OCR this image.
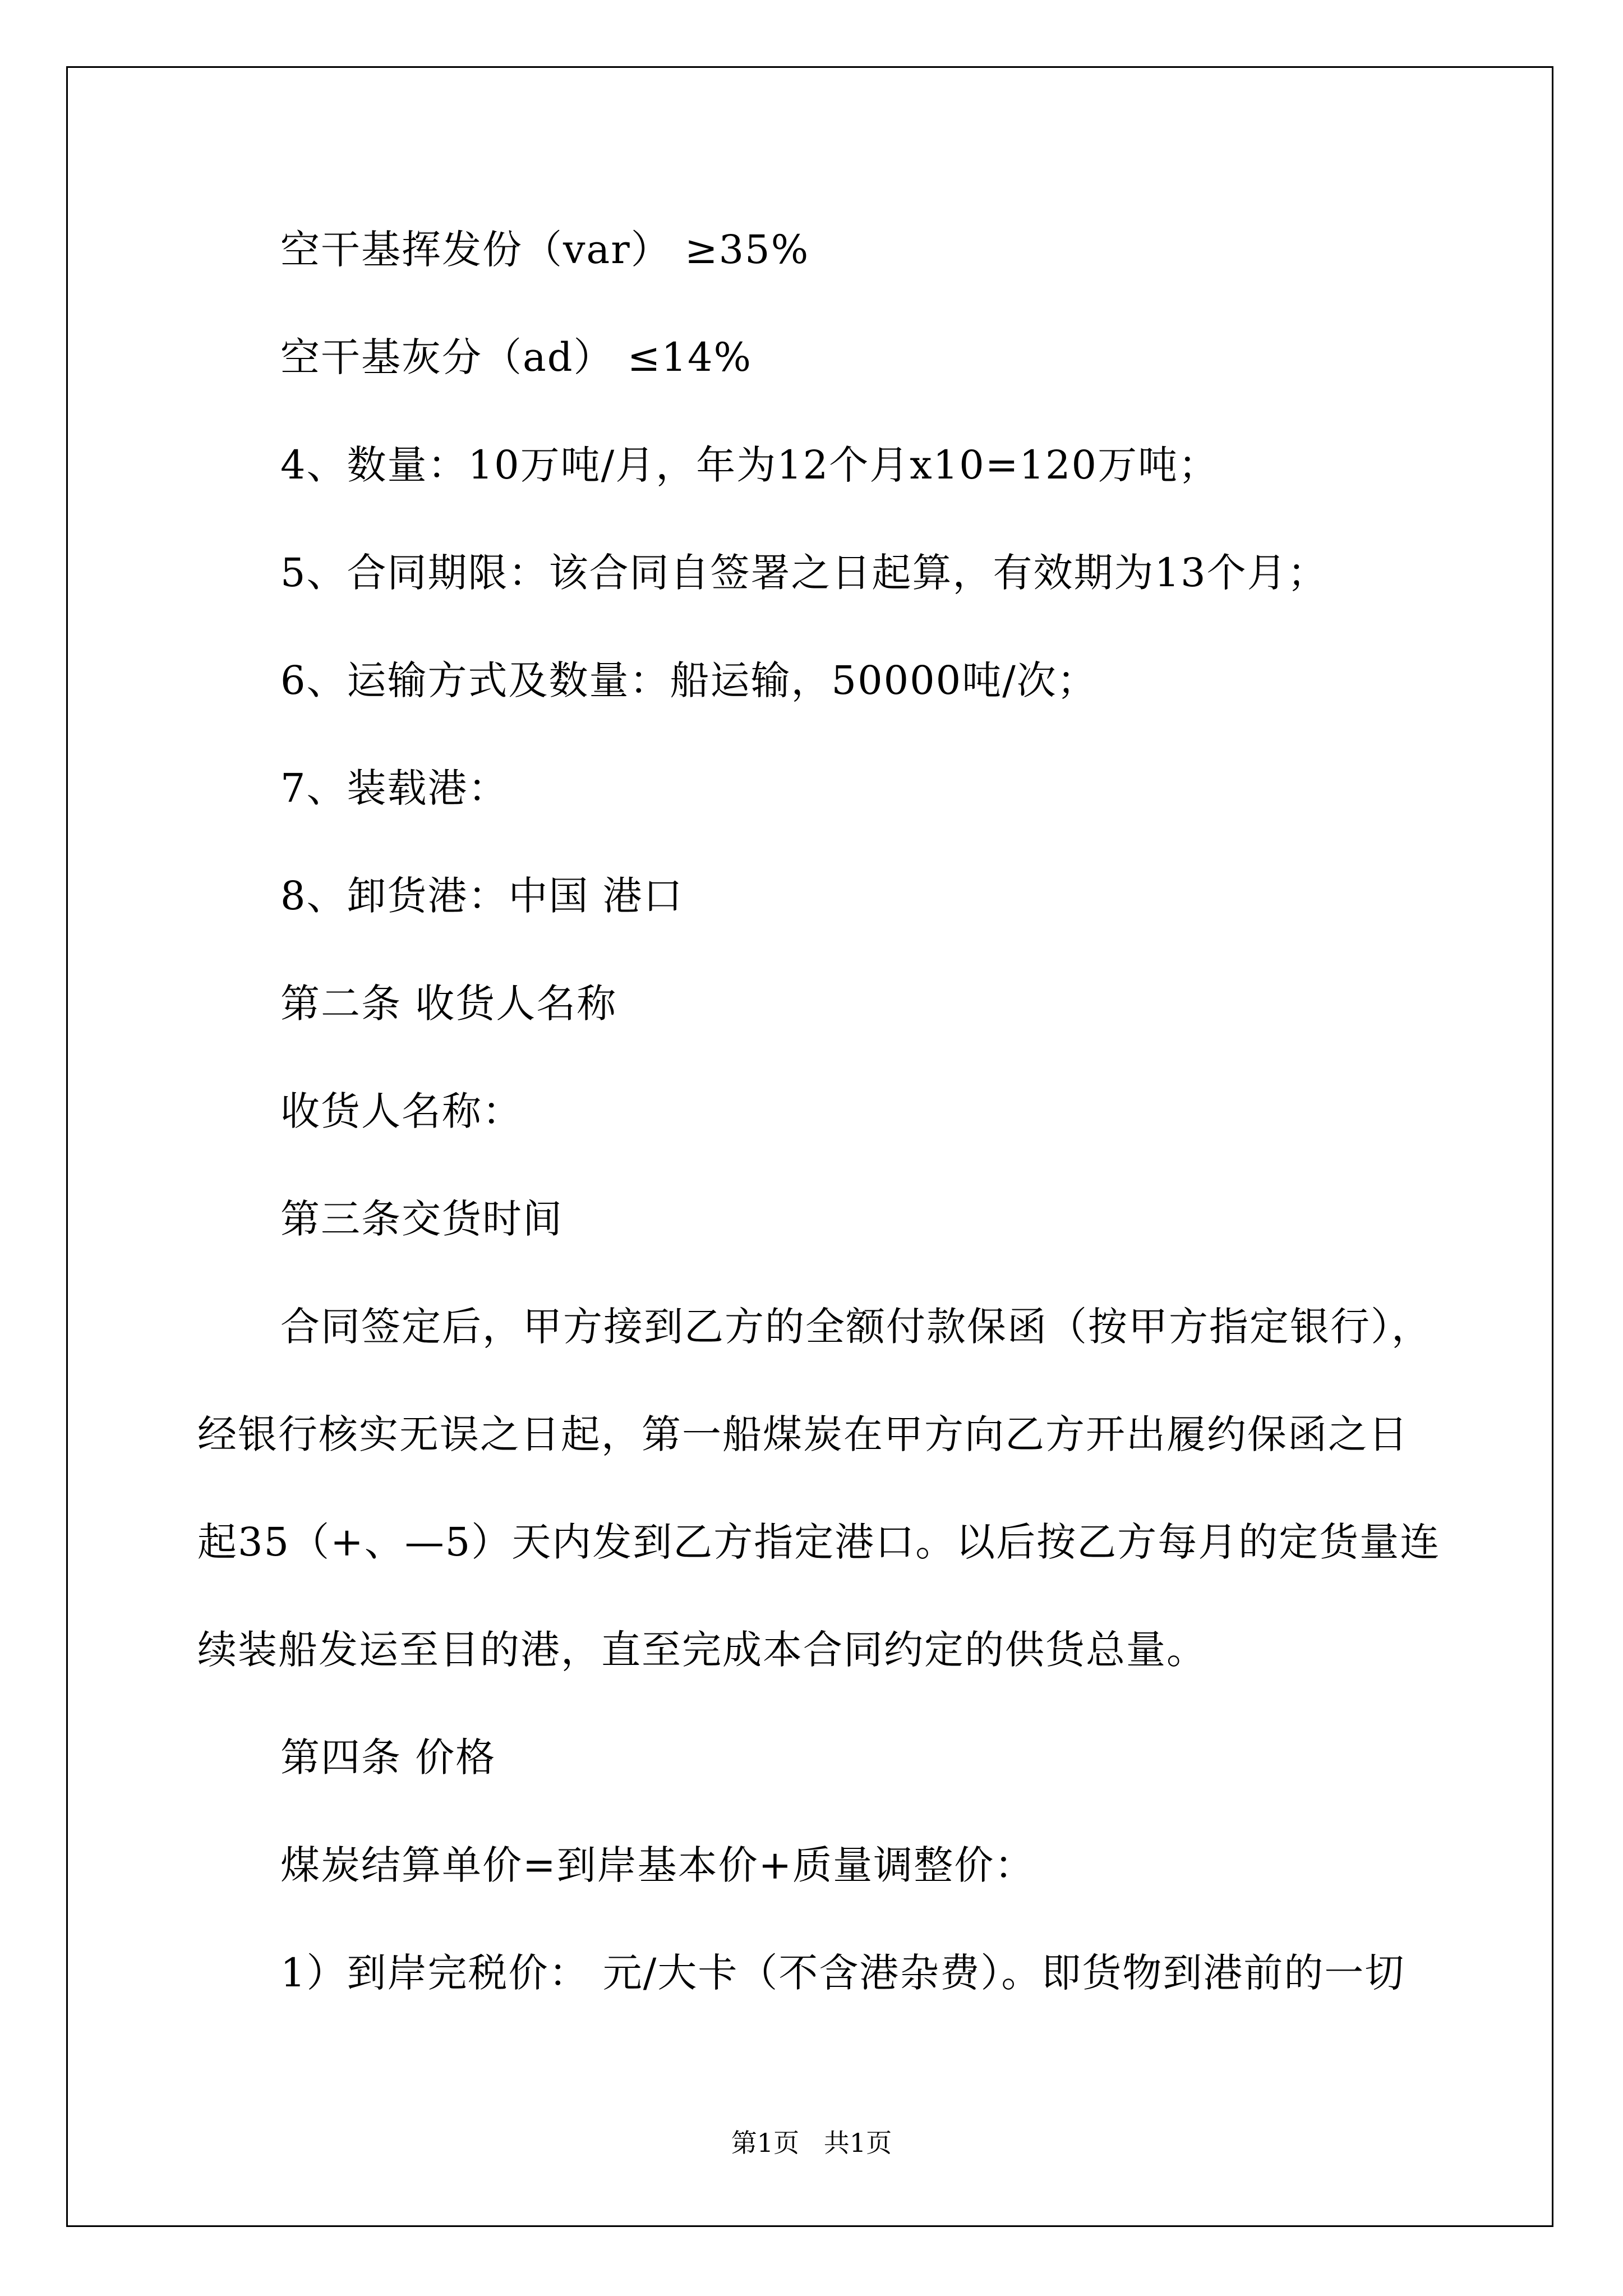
空干基挥发份（var） ≥35%
空干基灰分（ad） ≤14%
4、数量：10万吨/月，年为12个月x10=120万吨；
5、合同期限：该合同自签署之日起算，有效期为13个月；
6、运输方式及数量：船运输，50000吨/次；
7、装载港：
8、卸货港：中国 港口
第二条 收货人名称
收货人名称：
第三条交货时间
合同签定后，甲方接到乙方的全额付款保函（按甲方指定银行），
经银行核实无误之日起，第一船煤炭在甲方向乙方开出履约保函之日
起35（+、—5）天内发到乙方指定港口。以后按乙方每月的定货量连
续装船发运至目的港，直至完成本合同约定的供货总量。
第四条 价格
煤炭结算单价=到岸基本价+质量调整价：
1）到岸完税价： 元/大卡（不含港杂费）。即货物到港前的一切
第1页   共1页
